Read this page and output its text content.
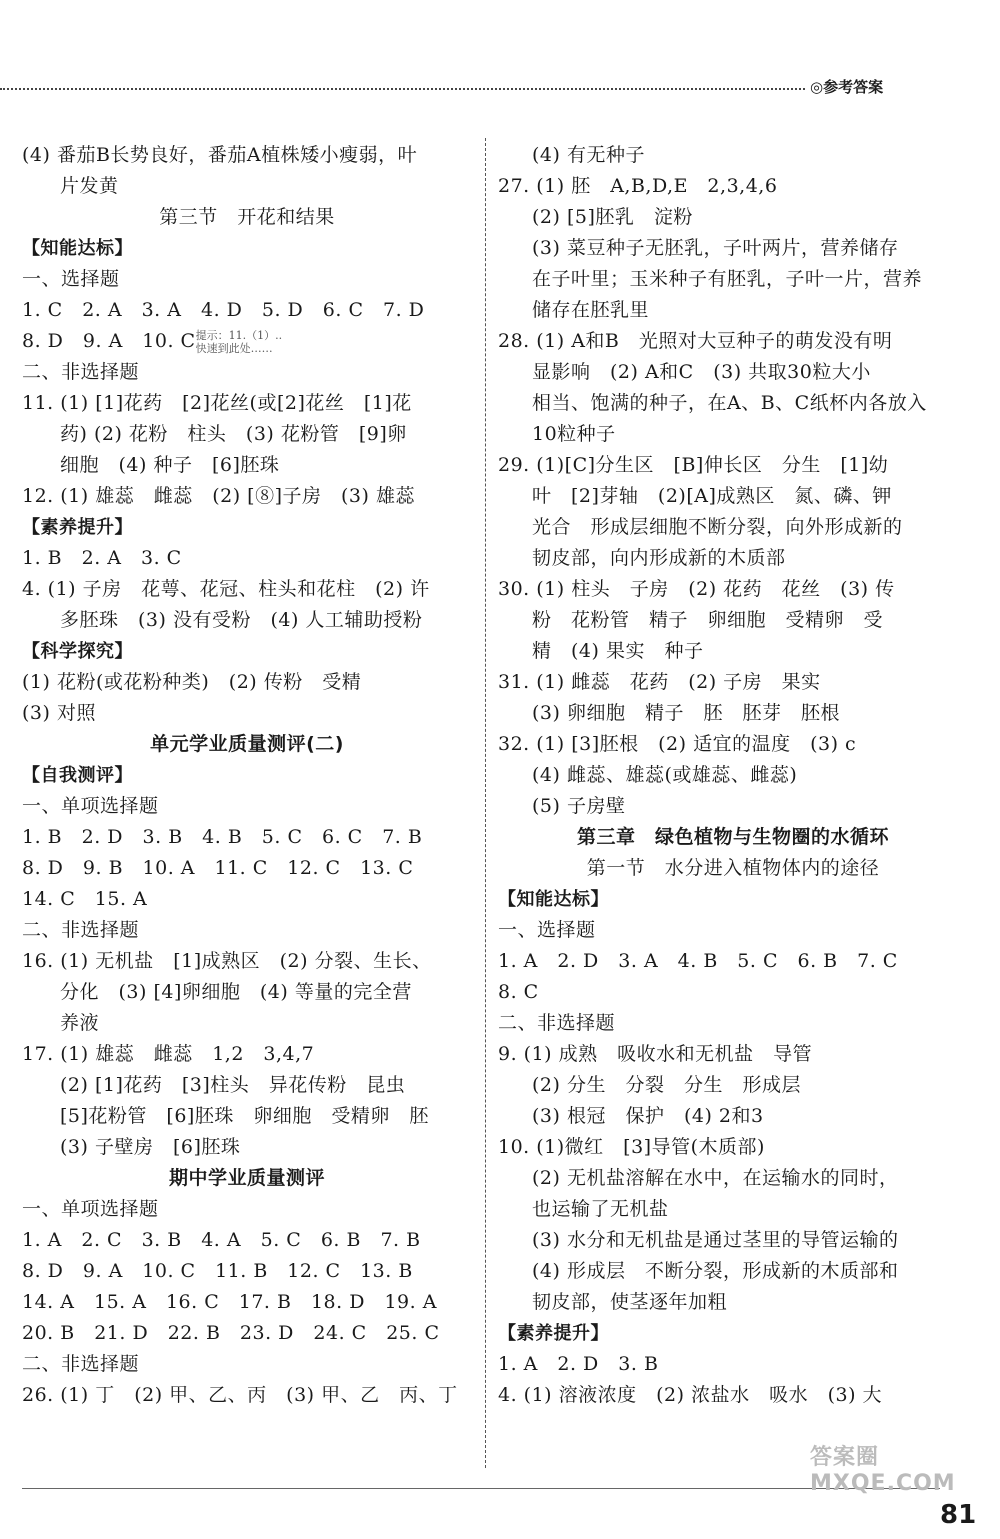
◎参考答案
(4) 番茄B长势良好，番茄A植株矮小瘦弱，叶
片发黄
第三节　开花和结果
【知能达标】
一、选择题
1. C　2. A　3. A　4. D　5. D　6. C　7. D
8. D　9. A　10. C 提示：11.（1）..
快速到此处……
二、非选择题
11. (1) [1]花药　[2]花丝(或[2]花丝　[1]花
药) (2) 花粉　柱头　(3) 花粉管　[9]卵
细胞　(4) 种子　[6]胚珠
12. (1) 雄蕊　雌蕊　(2) [⑧]子房　(3) 雄蕊
【素养提升】
1. B　2. A　3. C
4. (1) 子房　花萼、花冠、柱头和花柱　(2) 许
多胚珠　(3) 没有受粉　(4) 人工辅助授粉
【科学探究】
(1) 花粉(或花粉种类)　(2) 传粉　受精
(3) 对照
单元学业质量测评(二)
【自我测评】
一、单项选择题
1. B　2. D　3. B　4. B　5. C　6. C　7. B
8. D　9. B　10. A　11. C　12. C　13. C
14. C　15. A
二、非选择题
16. (1) 无机盐　[1]成熟区　(2) 分裂、生长、
分化　(3) [4]卵细胞　(4) 等量的完全营
养液
17. (1) 雄蕊　雌蕊　1,2　3,4,7
(2) [1]花药　[3]柱头　异花传粉　昆虫
[5]花粉管　[6]胚珠　卵细胞　受精卵　胚
(3) 子壁房　[6]胚珠
期中学业质量测评
一、单项选择题
1. A　2. C　3. B　4. A　5. C　6. B　7. B
8. D　9. A　10. C　11. B　12. C　13. B
14. A　15. A　16. C　17. B　18. D　19. A
20. B　21. D　22. B　23. D　24. C　25. C
二、非选择题
26. (1) 丁　(2) 甲、乙、丙　(3) 甲、乙　丙、丁
(4) 有无种子
27. (1) 胚　A,B,D,E　2,3,4,6
(2) [5]胚乳　淀粉
(3) 菜豆种子无胚乳，子叶两片，营养储存
在子叶里；玉米种子有胚乳，子叶一片，营养
储存在胚乳里
28. (1) A和B　光照对大豆种子的萌发没有明
显影响　(2) A和C　(3) 共取30粒大小
相当、饱满的种子，在A、B、C纸杯内各放入
10粒种子
29. (1)[C]分生区　[B]伸长区　分生　[1]幼
叶　[2]芽轴　(2)[A]成熟区　氮、磷、钾
光合　形成层细胞不断分裂，向外形成新的
韧皮部，向内形成新的木质部
30. (1) 柱头　子房　(2) 花药　花丝　(3) 传
粉　花粉管　精子　卵细胞　受精卵　受
精　(4) 果实　种子
31. (1) 雌蕊　花药　(2) 子房　果实
(3) 卵细胞　精子　胚　胚芽　胚根
32. (1) [3]胚根　(2) 适宜的温度　(3) c
(4) 雌蕊、雄蕊(或雄蕊、雌蕊)
(5) 子房壁
第三章　绿色植物与生物圈的水循环
第一节　水分进入植物体内的途径
【知能达标】
一、选择题
1. A　2. D　3. A　4. B　5. C　6. B　7. C
8. C
二、非选择题
9. (1) 成熟　吸收水和无机盐　导管
(2) 分生　分裂　分生　形成层
(3) 根冠　保护　(4) 2和3
10. (1)微红　[3]导管(木质部)
(2) 无机盐溶解在水中，在运输水的同时，
也运输了无机盐
(3) 水分和无机盐是通过茎里的导管运输的
(4) 形成层　不断分裂，形成新的木质部和
韧皮部，使茎逐年加粗
【素养提升】
1. A　2. D　3. B
4. (1) 溶液浓度　(2) 浓盐水　吸水　(3) 大
答案圈 MXQE.COM
81
